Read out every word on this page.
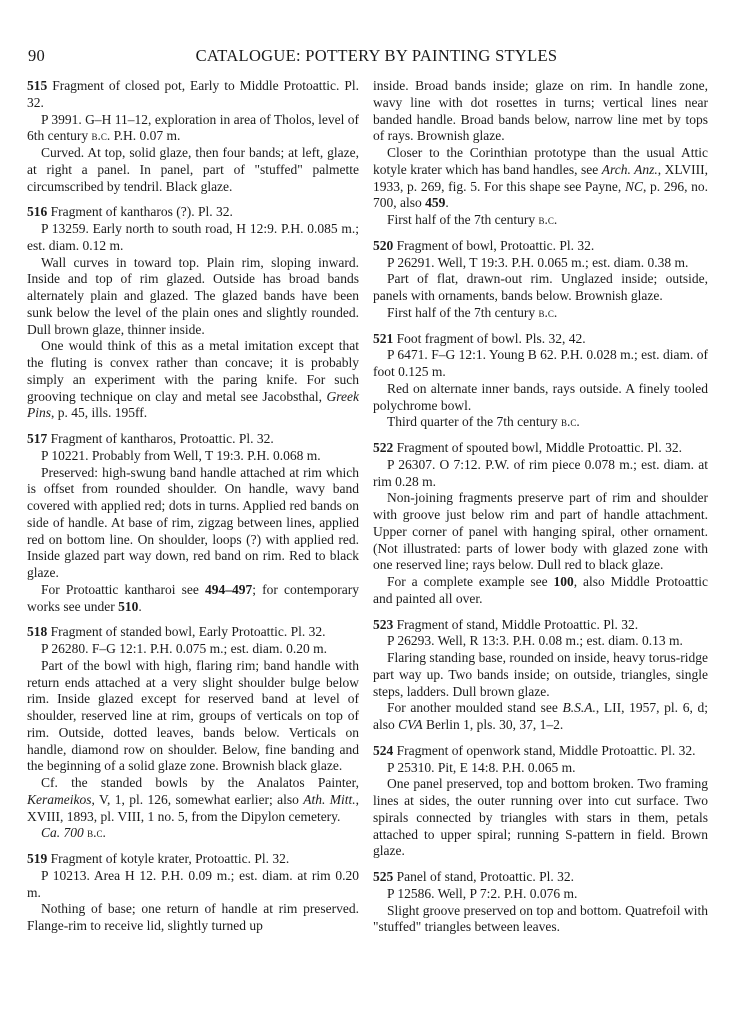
90	CATALOGUE: POTTERY BY PAINTING STYLES

515 Fragment of closed pot, Early to Middle Protoattic. Pl. 32.

P 3991. G–H 11–12, exploration in area of Tholos, level of 6th century b.c. P.H. 0.07 m.

Curved. At top, solid glaze, then four bands; at left, glaze, at right a panel. In panel, part of "stuffed" palmette circumscribed by tendril. Black glaze.

516 Fragment of kantharos (?). Pl. 32.

P 13259. Early north to south road, H 12:9. P.H. 0.085 m.; est. diam. 0.12 m.

Wall curves in toward top. Plain rim, sloping inward. Inside and top of rim glazed. Outside has broad bands alternately plain and glazed. The glazed bands have been sunk below the level of the plain ones and slightly rounded. Dull brown glaze, thinner inside.

One would think of this as a metal imitation except that the fluting is convex rather than concave; it is probably simply an experiment with the paring knife. For such grooving technique on clay and metal see Jacobsthal, Greek Pins, p. 45, ills. 195ff.

517 Fragment of kantharos, Protoattic. Pl. 32.

P 10221. Probably from Well, T 19:3. P.H. 0.068 m.

Preserved: high-swung band handle attached at rim which is offset from rounded shoulder. On handle, wavy band covered with applied red; dots in turns. Applied red bands on side of handle. At base of rim, zigzag between lines, applied red on bottom line. On shoulder, loops (?) with applied red. Inside glazed part way down, red band on rim. Red to black glaze.

For Protoattic kantharoi see 494–497; for contemporary works see under 510.

518 Fragment of standed bowl, Early Protoattic. Pl. 32.

P 26280. F–G 12:1. P.H. 0.075 m.; est. diam. 0.20 m.

Part of the bowl with high, flaring rim; band handle with return ends attached at a very slight shoulder bulge below rim. Inside glazed except for reserved band at level of shoulder, reserved line at rim, groups of verticals on top of rim. Outside, dotted leaves, bands below. Verticals on handle, diamond row on shoulder. Below, fine banding and the beginning of a solid glaze zone. Brownish black glaze.

Cf. the standed bowls by the Analatos Painter, Kerameikos, V, 1, pl. 126, somewhat earlier; also Ath. Mitt., XVIII, 1893, pl. VIII, 1 no. 5, from the Dipylon cemetery.

Ca. 700 b.c.

519 Fragment of kotyle krater, Protoattic. Pl. 32.

P 10213. Area H 12. P.H. 0.09 m.; est. diam. at rim 0.20 m.

Nothing of base; one return of handle at rim preserved. Flange-rim to receive lid, slightly turned up

inside. Broad bands inside; glaze on rim. In handle zone, wavy line with dot rosettes in turns; vertical lines near banded handle. Broad bands below, narrow line met by tops of rays. Brownish glaze.

Closer to the Corinthian prototype than the usual Attic kotyle krater which has band handles, see Arch. Anz., XLVIII, 1933, p. 269, fig. 5. For this shape see Payne, NC, p. 296, no. 700, also 459.

First half of the 7th century b.c.

520 Fragment of bowl, Protoattic. Pl. 32.

P 26291. Well, T 19:3. P.H. 0.065 m.; est. diam. 0.38 m.

Part of flat, drawn-out rim. Unglazed inside; outside, panels with ornaments, bands below. Brownish glaze.

First half of the 7th century b.c.

521 Foot fragment of bowl. Pls. 32, 42.

P 6471. F–G 12:1. Young B 62. P.H. 0.028 m.; est. diam. of foot 0.125 m.

Red on alternate inner bands, rays outside. A finely tooled polychrome bowl.

Third quarter of the 7th century b.c.

522 Fragment of spouted bowl, Middle Protoattic. Pl. 32.

P 26307. O 7:12. P.W. of rim piece 0.078 m.; est. diam. at rim 0.28 m.

Non-joining fragments preserve part of rim and shoulder with groove just below rim and part of handle attachment. Upper corner of panel with hanging spiral, other ornament. (Not illustrated: parts of lower body with glazed zone with one reserved line; rays below. Dull red to black glaze.

For a complete example see 100, also Middle Protoattic and painted all over.

523 Fragment of stand, Middle Protoattic. Pl. 32.

P 26293. Well, R 13:3. P.H. 0.08 m.; est. diam. 0.13 m.

Flaring standing base, rounded on inside, heavy torus-ridge part way up. Two bands inside; on outside, triangles, single steps, ladders. Dull brown glaze.

For another moulded stand see B.S.A., LII, 1957, pl. 6, d; also CVA Berlin 1, pls. 30, 37, 1–2.

524 Fragment of openwork stand, Middle Protoattic. Pl. 32.

P 25310. Pit, E 14:8. P.H. 0.065 m.

One panel preserved, top and bottom broken. Two framing lines at sides, the outer running over into cut surface. Two spirals connected by triangles with stars in them, petals attached to upper spiral; running S-pattern in field. Brown glaze.

525 Panel of stand, Protoattic. Pl. 32.

P 12586. Well, P 7:2. P.H. 0.076 m.

Slight groove preserved on top and bottom. Quatrefoil with "stuffed" triangles between leaves.
